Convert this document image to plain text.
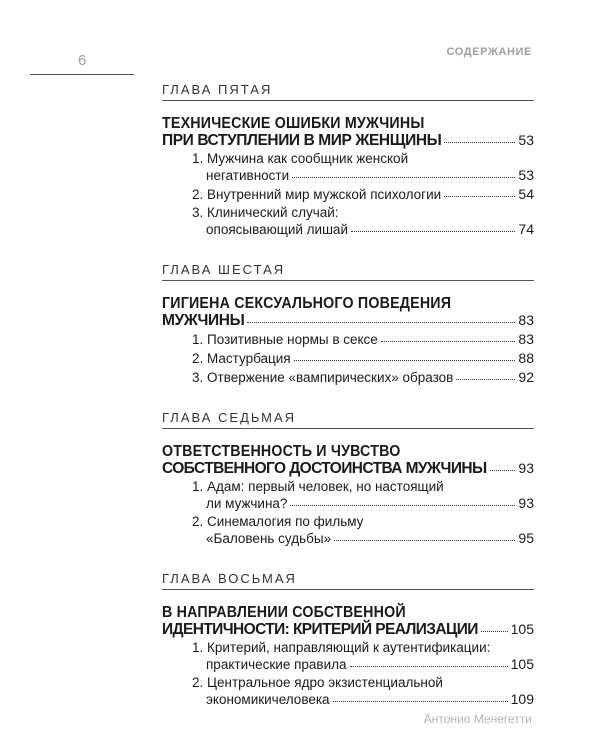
6	СОДЕРЖАНИЕ
ГЛАВА ПЯТАЯ
ТЕХНИЧЕСКИЕ ОШИБКИ МУЖЧИНЫ
ПРИ ВСТУПЛЕНИИ В МИР ЖЕНЩИНЫ	53
1. Мужчина как сообщник женской
негативности	53
2. Внутренний мир мужской психологии	54
3. Клинический случай:
опоясывающий лишай	74
ГЛАВА ШЕСТАЯ
ГИГИЕНА СЕКСУАЛЬНОГО ПОВЕДЕНИЯ
МУЖЧИНЫ	83
1. Позитивные нормы в сексе	83
2. Мастурбация	88
3. Отвержение «вампирических» образов	92
ГЛАВА СЕДЬМАЯ
ОТВЕТСТВЕННОСТЬ И ЧУВСТВО
СОБСТВЕННОГО ДОСТОИНСТВА МУЖЧИНЫ 93
1. Адам: первый человек, но настоящий
ли мужчина?	93
2. Синемалогия по фильму
«Баловень судьбы»	95
ГЛАВА ВОСЬМАЯ
В НАПРАВЛЕНИИ СОБСТВЕННОЙ
ИДЕНТИЧНОСТИ: КРИТЕРИЙ РЕАЛИЗАЦИИ 105
1. Критерий, направляющий к аутентификации:
практические правила	105
2. Центральное ядро экзистенциальной
экономикичеловека	109
Антонио Менегетти
